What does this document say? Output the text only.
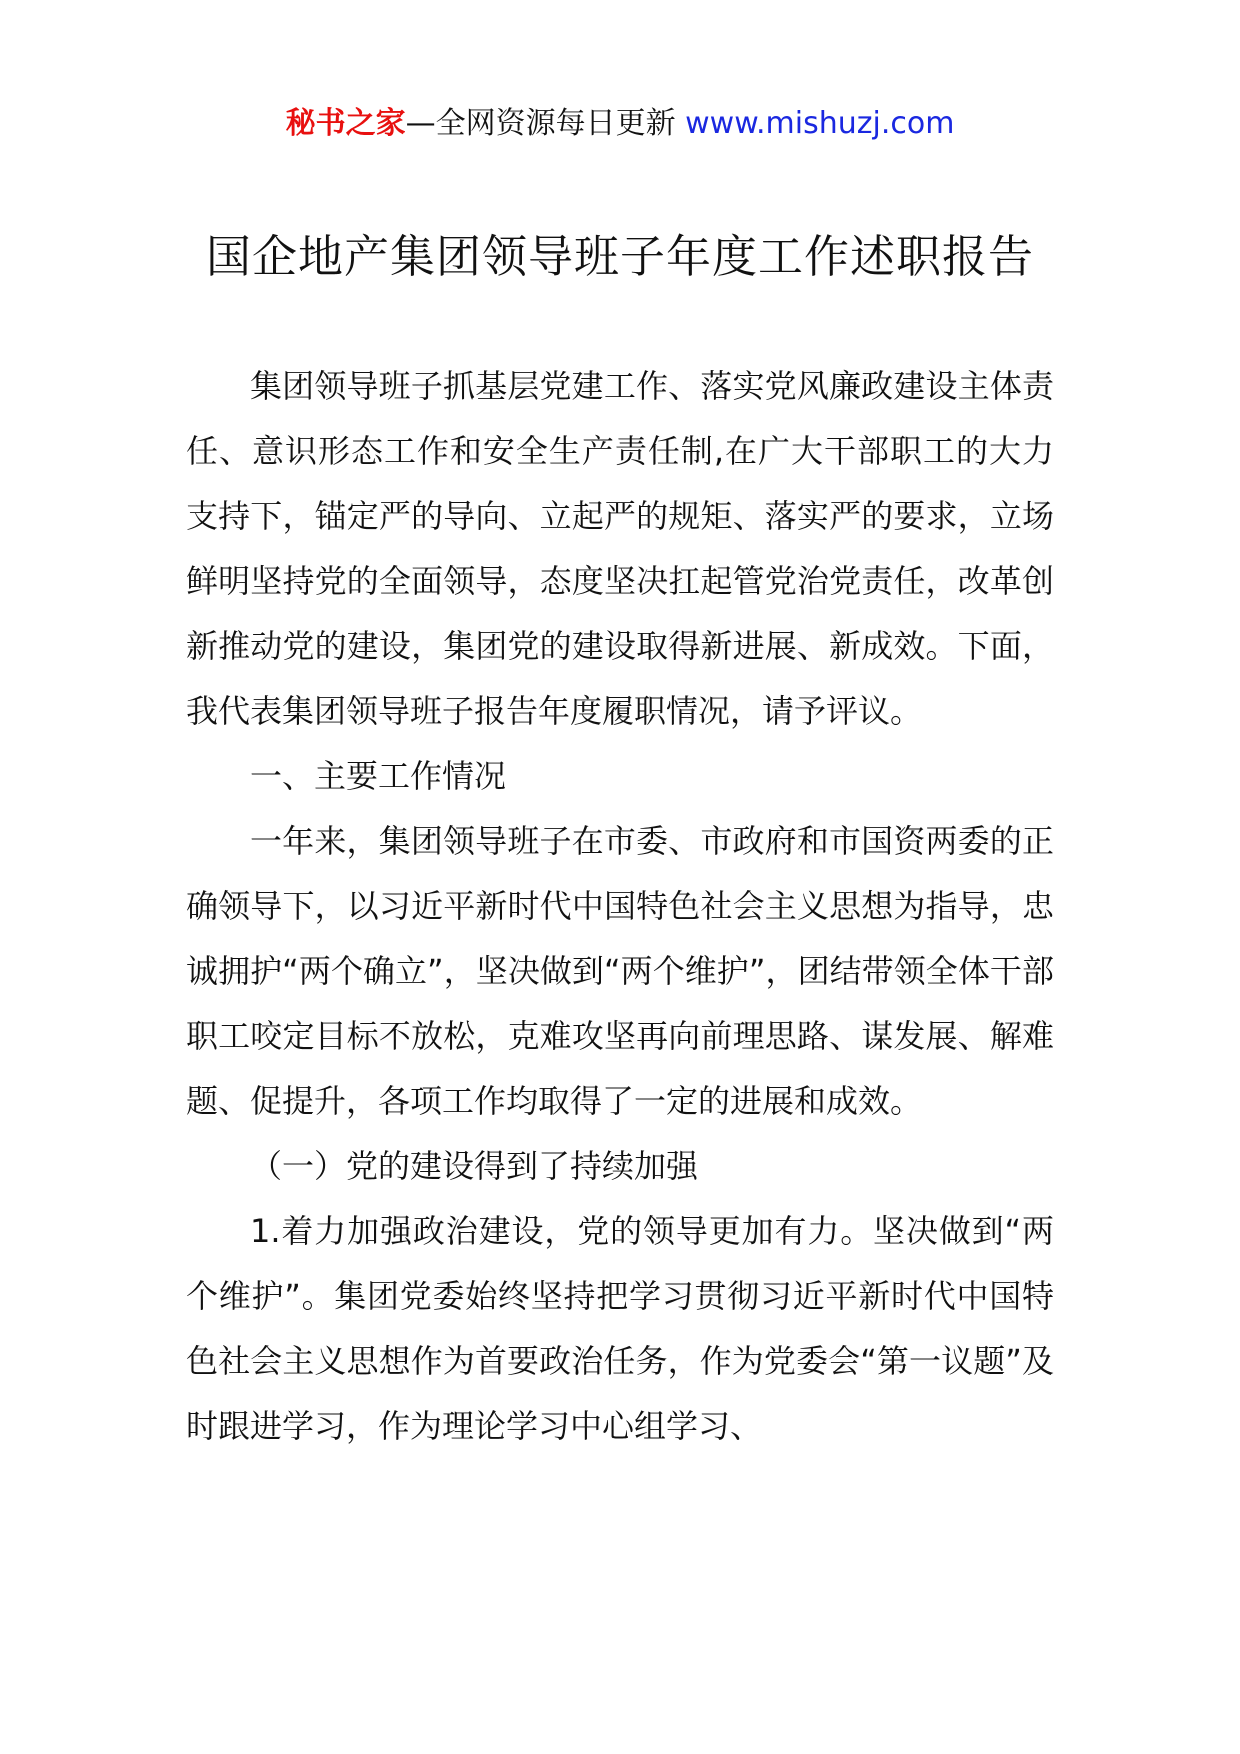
秘书之家—全网资源每日更新 www.mishuzj.com
国企地产集团领导班子年度工作述职报告

集团领导班子抓基层党建工作、落实党风廉政建设主体责任、意识形态工作和安全生产责任制,在广大干部职工的大力支持下，锚定严的导向、立起严的规矩、落实严的要求，立场鲜明坚持党的全面领导，态度坚决扛起管党治党责任，改革创新推动党的建设，集团党的建设取得新进展、新成效。下面，我代表集团领导班子报告年度履职情况，请予评议。

一、主要工作情况

一年来，集团领导班子在市委、市政府和市国资两委的正确领导下，以习近平新时代中国特色社会主义思想为指导，忠诚拥护“两个确立”，坚决做到“两个维护”，团结带领全体干部职工咬定目标不放松，克难攻坚再向前理思路、谋发展、解难题、促提升，各项工作均取得了一定的进展和成效。

（一）党的建设得到了持续加强

1.着力加强政治建设，党的领导更加有力。坚决做到“两个维护”。集团党委始终坚持把学习贯彻习近平新时代中国特色社会主义思想作为首要政治任务，作为党委会“第一议题”及时跟进学习，作为理论学习中心组学习、
